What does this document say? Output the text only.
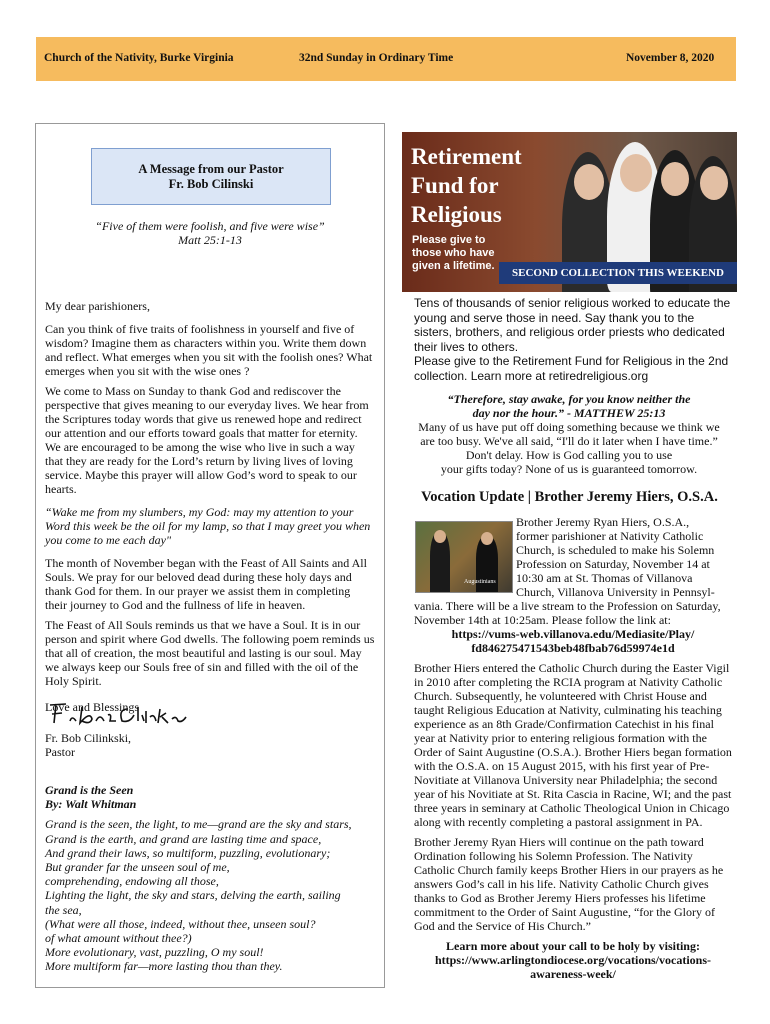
Church of the Nativity, Burke Virginia	32nd Sunday in Ordinary Time	November 8, 2020
A Message from our Pastor
Fr. Bob Cilinski
“Five of them were foolish, and five were wise”
Matt 25:1-13

My dear parishioners,

Can you think of five traits of foolishness in yourself and five of wisdom? Imagine them as characters within you. Write them down and reflect. What emerges when you sit with the foolish ones? What emerges when you sit with the wise ones ?

We come to Mass on Sunday to thank God and rediscover the perspective that gives meaning to our everyday lives. We hear from the Scriptures today words that give us renewed hope and redirect our attention and our efforts toward goals that matter for eternity. We are encouraged to be among the wise who live in such a way that they are ready for the Lord’s return by living lives of loving service. Maybe this prayer will allow God’s word to speak to our hearts.

“Wake me from my slumbers, my God: may my attention to your Word this week be the oil for my lamp, so that I may greet you when you come to me each day"

The month of November began with the Feast of All Saints and All Souls. We pray for our beloved dead during these holy days and thank God for them. In our prayer we assist them in completing their journey to God and the fullness of life in heaven.

The Feast of All Souls reminds us that we have a Soul. It is in our person and spirit where God dwells. The following poem reminds us that all of creation, the most beautiful and lasting is our soul. May we always keep our Souls free of sin and filled with the oil of the Holy Spirit.

Love and Blessings

Fr. Bob Cilinkski,
Pastor
Grand is the Seen
By: Walt Whitman
Grand is the seen, the light, to me—grand are the sky and stars,
Grand is the earth, and grand are lasting time and space,
And grand their laws, so multiform, puzzling, evolutionary;
But grander far the unseen soul of me,
comprehending, endowing all those,
Lighting the light, the sky and stars, delving the earth, sailing
the sea,
(What were all those, indeed, without thee, unseen soul?
of what amount without thee?)
More evolutionary, vast, puzzling, O my soul!
More multiform far—more lasting thou than they.
Retirement
Fund for
Religious
Please give to
those who have
given a lifetime.
SECOND COLLECTION THIS WEEKEND
Tens of thousands of senior religious worked to educate the young and serve those in need. Say thank you to the sisters, brothers, and religious order priests who dedicated their lives to others.
Please give to the Retirement Fund for Religious in the 2nd collection. Learn more at retiredreligious.org
“Therefore, stay awake, for you know neither the
day nor the hour.” - MATTHEW 25:13
Many of us have put off doing something because we think we
are too busy. We've all said, “I'll do it later when I have time.”
Don't delay. How is God calling you to use
your gifts today? None of us is guaranteed tomorrow.
Vocation Update | Brother Jeremy Hiers, O.S.A.
Augustinians
Brother Jeremy Ryan Hiers, O.S.A.,
former parishioner at Nativity Catholic
Church, is scheduled to make his Solemn
Profession on Saturday, November 14 at
10:30 am at St. Thomas of Villanova
Church, Villanova University in Pennsyl-
vania. There will be a live stream to the Profession on Saturday, November 14th at 10:25am. Please follow the link at:
https://vums-web.villanova.edu/Mediasite/Play/
fd846275471543beb48fbab76d59974e1d

Brother Hiers entered the Catholic Church during the Easter Vigil in 2010 after completing the RCIA program at Nativity Catholic Church. Subsequently, he volunteered with Christ House and taught Religious Education at Nativity, culminating his teaching experience as an 8th Grade/Confirmation Catechist in his final year at Nativity prior to entering religious formation with the Order of Saint Augustine (O.S.A.). Brother Hiers began formation with the O.S.A. on 15 August 2015, with his first year of Pre-Novitiate at Villanova University near Philadelphia; the second year of his Novitiate at St. Rita Cascia in Racine, WI; and the past three years in seminary at Catholic Theological Union in Chicago along with recently completing a pastoral assignment in PA.

Brother Jeremy Ryan Hiers will continue on the path toward Ordination following his Solemn Profession. The Nativity Catholic Church family keeps Brother Hiers in our prayers as he answers God’s call in his life. Nativity Catholic Church gives thanks to God as Brother Jeremy Hiers professes his lifetime commitment to the Order of Saint Augustine, “for the Glory of God and the Service of His Church.”

Learn more about your call to be holy by visiting:
https://www.arlingtondiocese.org/vocations/vocations-
awareness-week/
